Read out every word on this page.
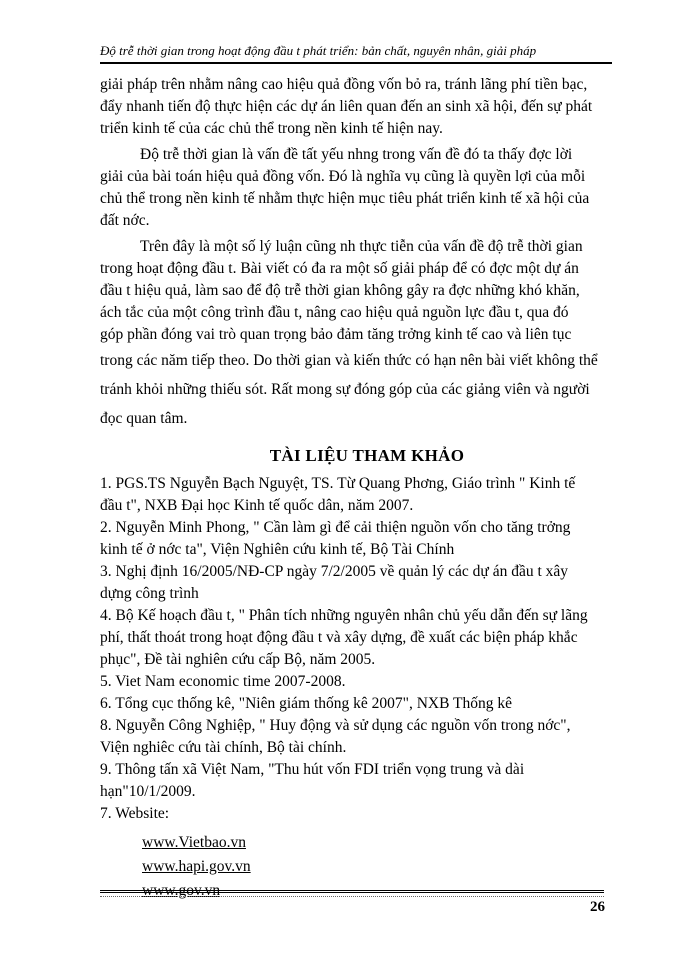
Độ trễ thời gian trong hoạt động đầu t phát triển: bản chất, nguyên nhân, giải pháp
giải pháp trên nhằm nâng cao hiệu quả đồng vốn bỏ ra, tránh lãng phí tiền bạc,
đẩy nhanh tiến độ thực hiện các dự án liên quan đến an sinh xã hội, đến sự phát
triển kinh tế của các chủ thể trong nền kinh tế hiện nay.
Độ trễ thời gian là vấn đề tất yếu nhng trong vấn đề đó ta thấy đợc lời
giải của bài toán hiệu quả đồng vốn. Đó là nghĩa vụ cũng là quyền lợi của mỗi
chủ thể trong nền kinh tế nhằm thực hiện mục tiêu phát triển kinh tế xã hội của
đất nớc.
Trên đây là một số lý luận cũng nh thực tiễn của vấn đề độ trễ thời gian
trong hoạt động đầu t. Bài viết có đa ra một số giải pháp để có đợc một dự án
đầu t hiệu quả, làm sao để độ trễ thời gian không gây ra đợc những khó khăn,
ách tắc của một công trình đầu t, nâng cao hiệu quả nguồn lực đầu t, qua đó
góp phần đóng vai trò quan trọng bảo đảm tăng trởng kinh tế cao và liên tục
trong các năm tiếp theo. Do thời gian và kiến thức có hạn nên bài viết không thể
tránh khỏi những thiếu sót. Rất mong sự đóng góp của các giảng viên và người
đọc quan tâm.
TÀI LIỆU THAM KHẢO
1. PGS.TS Nguyễn Bạch Nguyệt, TS. Từ Quang Phơng, Giáo trình " Kinh tế
đầu t", NXB Đại học Kinh tế quốc dân, năm 2007.
2. Nguyễn Minh Phong, " Cần làm gì để cải thiện nguồn vốn cho tăng trởng
kinh tế ở nớc ta", Viện Nghiên cứu kinh tế, Bộ Tài Chính
3. Nghị định 16/2005/NĐ-CP ngày 7/2/2005 về quản lý các dự án đầu t xây
dựng công trình
4. Bộ Kế hoạch đầu t, " Phân tích những nguyên nhân chủ yếu dẫn đến sự lãng
phí, thất thoát trong hoạt động đầu t và xây dựng, đề xuất các biện pháp khắc
phục", Đề tài nghiên cứu cấp Bộ, năm 2005.
5. Viet Nam economic time 2007-2008.
6. Tổng cục thống kê, "Niên giám thống kê 2007", NXB Thống kê
8. Nguyễn Công Nghiệp, " Huy động và sử dụng các nguồn vốn trong nớc",
Viện nghiêc cứu tài chính, Bộ tài chính.
9. Thông tấn xã Việt Nam, "Thu hút vốn FDI triển vọng trung và dài
hạn"10/1/2009.
7. Website:
www.Vietbao.vn
www.hapi.gov.vn
www.gov.vn
26
